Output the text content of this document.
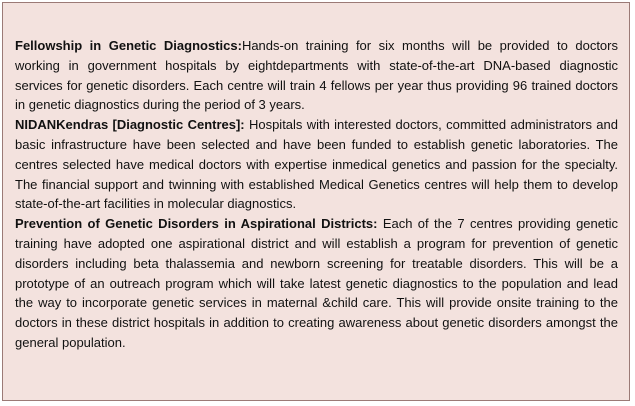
Fellowship in Genetic Diagnostics:Hands-on training for six months will be provided to doctors working in government hospitals by eightdepartments with state-of-the-art DNA-based diagnostic services for genetic disorders. Each centre will train 4 fellows per year thus providing 96 trained doctors in genetic diagnostics during the period of 3 years.

NIDANKendras [Diagnostic Centres]: Hospitals with interested doctors, committed administrators and basic infrastructure have been selected and have been funded to establish genetic laboratories. The centres selected have medical doctors with expertise inmedical genetics and passion for the specialty. The financial support and twinning with established Medical Genetics centres will help them to develop state-of-the-art facilities in molecular diagnostics.

Prevention of Genetic Disorders in Aspirational Districts: Each of the 7 centres providing genetic training have adopted one aspirational district and will establish a program for prevention of genetic disorders including beta thalassemia and newborn screening for treatable disorders. This will be a prototype of an outreach program which will take latest genetic diagnostics to the population and lead the way to incorporate genetic services in maternal &child care. This will provide onsite training to the doctors in these district hospitals in addition to creating awareness about genetic disorders amongst the general population.
